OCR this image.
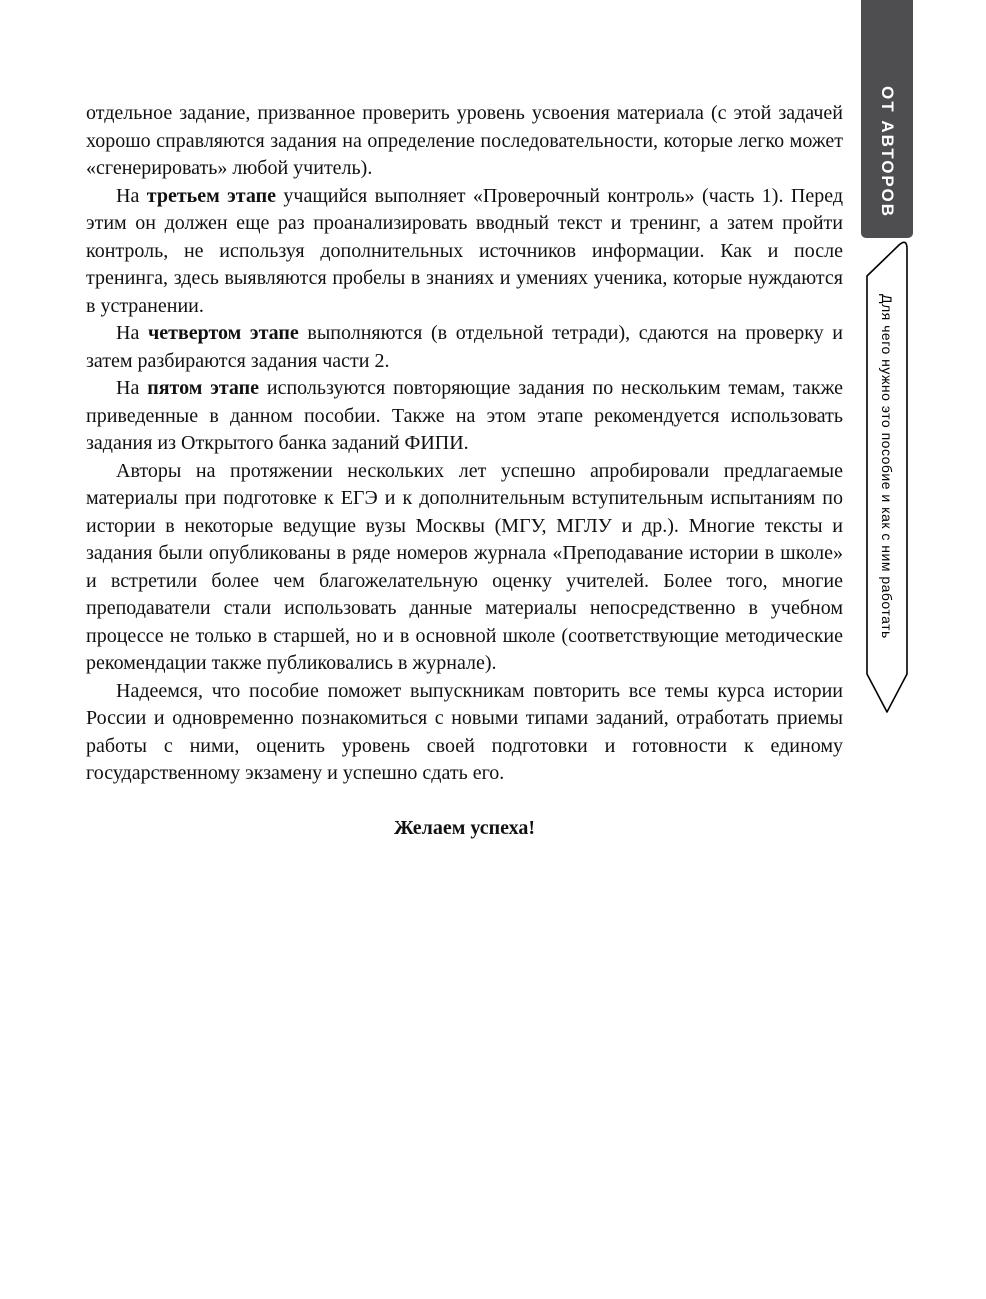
отдельное задание, призванное проверить уровень усвоения материала (с этой задачей хорошо справляются задания на определение последовательности, которые легко может «сгенерировать» любой учитель).

На третьем этапе учащийся выполняет «Проверочный контроль» (часть 1). Перед этим он должен еще раз проанализировать вводный текст и тренинг, а затем пройти контроль, не используя дополнительных источников информации. Как и после тренинга, здесь выявляются пробелы в знаниях и умениях ученика, которые нуждаются в устранении.

На четвертом этапе выполняются (в отдельной тетради), сдаются на проверку и затем разбираются задания части 2.

На пятом этапе используются повторяющие задания по нескольким темам, также приведенные в данном пособии. Также на этом этапе рекомендуется использовать задания из Открытого банка заданий ФИПИ.

Авторы на протяжении нескольких лет успешно апробировали предлагаемые материалы при подготовке к ЕГЭ и к дополнительным вступительным испытаниям по истории в некоторые ведущие вузы Москвы (МГУ, МГЛУ и др.). Многие тексты и задания были опубликованы в ряде номеров журнала «Преподавание истории в школе» и встретили более чем благожелательную оценку учителей. Более того, многие преподаватели стали использовать данные материалы непосредственно в учебном процессе не только в старшей, но и в основной школе (соответствующие методические рекомендации также публиковались в журнале).

Надеемся, что пособие поможет выпускникам повторить все темы курса истории России и одновременно познакомиться с новыми типами заданий, отработать приемы работы с ними, оценить уровень своей подготовки и готовности к единому государственному экзамену и успешно сдать его.

Желаем успеха!

ОТ АВТОРОВ
Для чего нужно это пособие и как с ним работать
